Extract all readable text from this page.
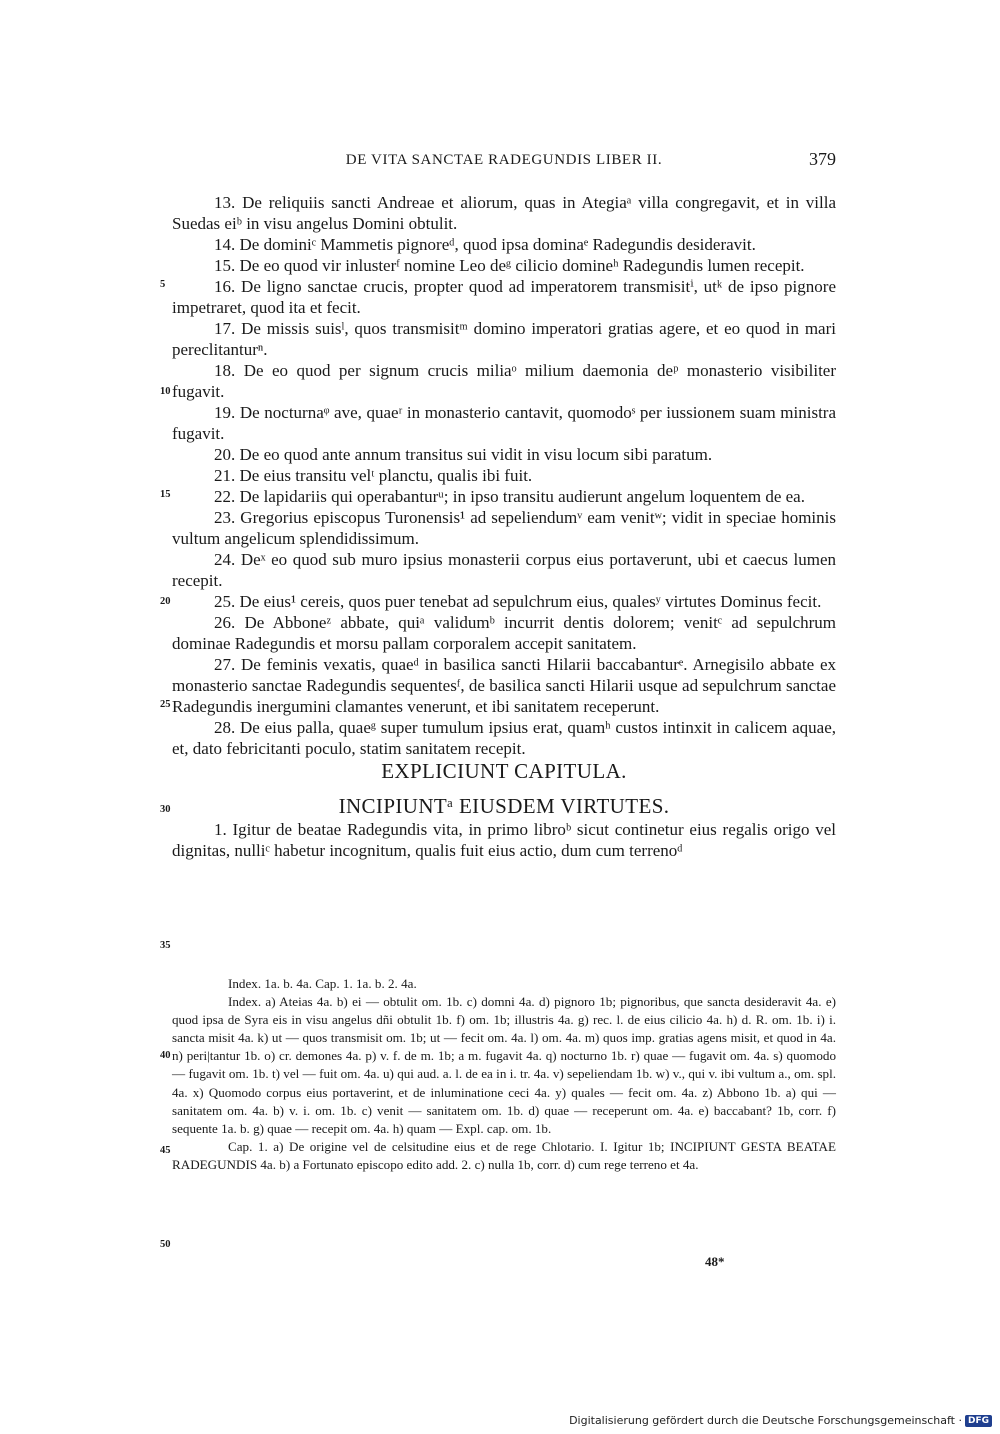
DE VITA SANCTAE RADEGUNDIS LIBER II.	379

13. De reliquiis sancti Andreae et aliorum, quas in Ategiaᵃ villa congregavit, et in villa Suedas eiᵇ in visu angelus Domini obtulit.

14. De dominiᶜ Mammetis pignoreᵈ, quod ipsa dominaᵉ Radegundis desideravit.

15. De eo quod vir inlusterᶠ nomine Leo deᵍ cilicio domineʰ Radegundis lumen recepit.

16. De ligno sanctae crucis, propter quod ad imperatorem transmisitⁱ, utᵏ de ipso pignore impetraret, quod ita et fecit.

17. De missis suisˡ, quos transmisitᵐ domino imperatori gratias agere, et eo quod in mari pereclitanturⁿ.

18. De eo quod per signum crucis miliaᵒ milium daemonia deᵖ monasterio visibiliter fugavit.

19. De nocturnaᵠ ave, quaeʳ in monasterio cantavit, quomodoˢ per iussionem suam ministra fugavit.

20. De eo quod ante annum transitus sui vidit in visu locum sibi paratum.

21. De eius transitu velᵗ planctu, qualis ibi fuit.

22. De lapidariis qui operabanturᵘ; in ipso transitu audierunt angelum loquentem de ea.

23. Gregorius episcopus Turonensis¹ ad sepeliendumᵛ eam venitʷ; vidit in speciae hominis vultum angelicum splendidissimum.

24. Deˣ eo quod sub muro ipsius monasterii corpus eius portaverunt, ubi et caecus lumen recepit.

25. De eius¹ cereis, quos puer tenebat ad sepulchrum eius, qualesʸ virtutes Dominus fecit.

26. De Abboneᶻ abbate, quiᵃ validumᵇ incurrit dentis dolorem; venitᶜ ad sepulchrum dominae Radegundis et morsu pallam corporalem accepit sanitatem.

27. De feminis vexatis, quaeᵈ in basilica sancti Hilarii baccabanturᵉ. Arnegisilo abbate ex monasterio sanctae Radegundis sequentesᶠ, de basilica sancti Hilarii usque ad sepulchrum sanctae Radegundis inergumini clamantes venerunt, et ibi sanitatem receperunt.

28. De eius palla, quaeᵍ super tumulum ipsius erat, quamʰ custos intinxit in calicem aquae, et, dato febricitanti poculo, statim sanitatem recepit.

EXPLICIUNT CAPITULA.
INCIPIUNTᵃ EIUSDEM VIRTUTES.

1. Igitur de beatae Radegundis vita, in primo libroᵇ sicut continetur eius regalis origo vel dignitas, nulliᶜ habetur incognitum, qualis fuit eius actio, dum cum terrenoᵈ

Index. 1a. b. 4a. Cap. 1. 1a. b. 2. 4a.

Index. a) Ateias 4a. b) ei — obtulit om. 1b. c) domni 4a. d) pignoro 1b; pignoribus, que sancta desideravit 4a. e) quod ipsa de Syra eis in visu angelus dñi obtulit 1b. f) om. 1b; illustris 4a. g) rec. l. de eius cilicio 4a. h) d. R. om. 1b. i) i. sancta misit 4a. k) ut — quos transmisit om. 1b; ut — fecit om. 4a. l) om. 4a. m) quos imp. gratias agens misit, et quod in 4a. n) peri|tantur 1b. o) cr. demones 4a. p) v. f. de m. 1b; a m. fugavit 4a. q) nocturno 1b. r) quae — fugavit om. 4a. s) quomodo — fugavit om. 1b. t) vel — fuit om. 4a. u) qui aud. a. l. de ea in i. tr. 4a. v) sepeliendam 1b. w) v., qui v. ibi vultum a., om. spl. 4a. x) Quomodo corpus eius portaverint, et de inluminatione ceci 4a. y) quales — fecit om. 4a. z) Abbono 1b. a) qui — sanitatem om. 4a. b) v. i. om. 1b. c) venit — sanitatem om. 1b. d) quae — receperunt om. 4a. e) baccabant? 1b, corr. f) sequente 1a. b. g) quae — recepit om. 4a. h) quam — Expl. cap. om. 1b.

Cap. 1. a) De origine vel de celsitudine eius et de rege Chlotario. I. Igitur 1b; INCIPIUNT GESTA BEATAE RADEGUNDIS 4a. b) a Fortunato episcopo edito add. 2. c) nulla 1b, corr. d) cum rege terreno et 4a.

48*
5
10
15
20
25
30
35
40
45
50
Digitalisierung gefördert durch die Deutsche Forschungsgemeinschaft · DFG
